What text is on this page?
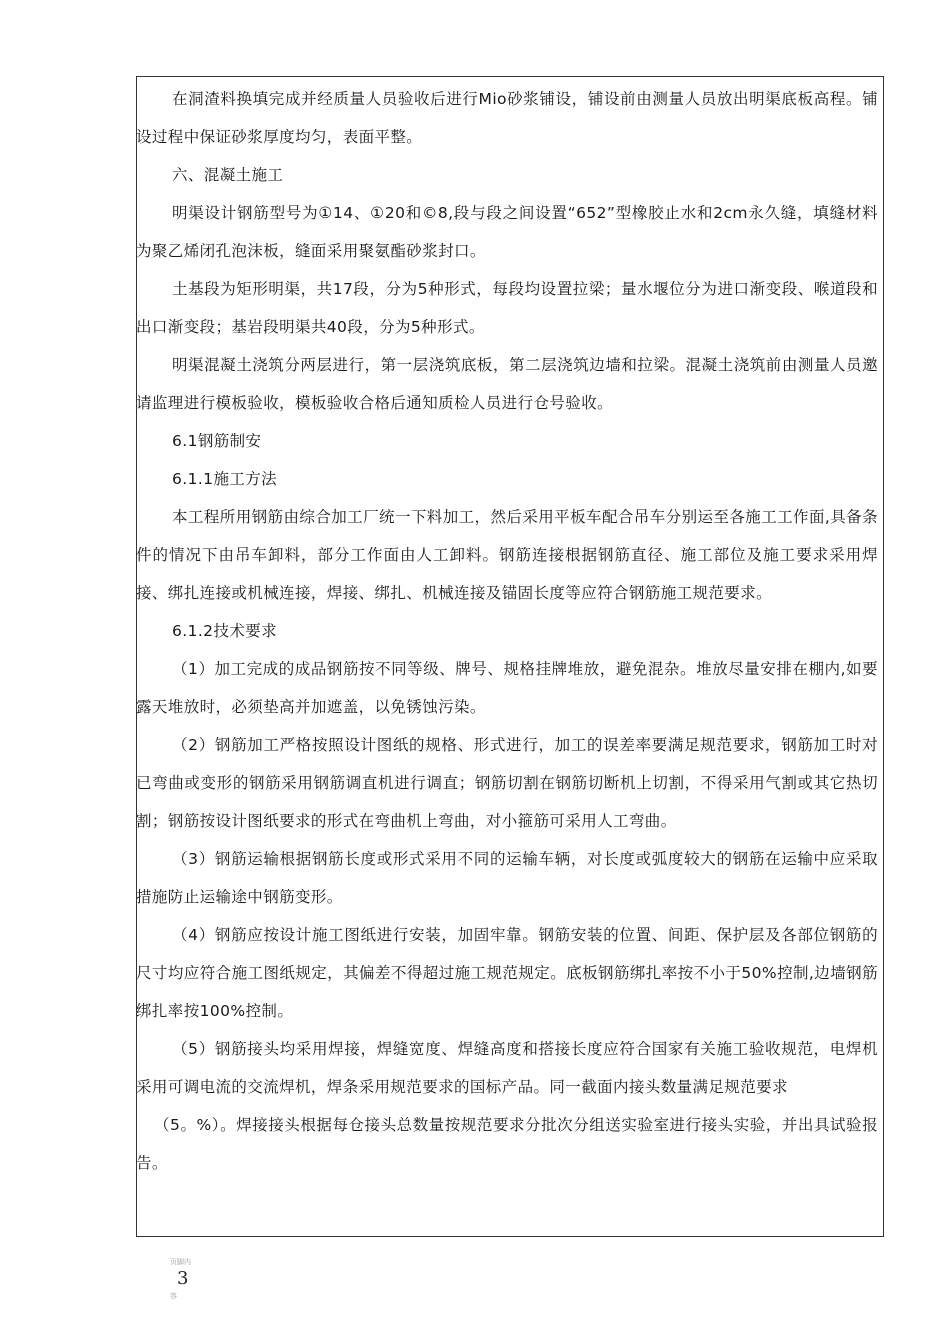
在洞渣料换填完成并经质量人员验收后进行Mio砂浆铺设，铺设前由测量人员放出明渠底板高程。铺设过程中保证砂浆厚度均匀，表面平整。

六、混凝土施工

明渠设计钢筋型号为①14、①20和©8,段与段之间设置“652”型橡胶止水和2cm永久缝，填缝材料为聚乙烯闭孔泡沫板，缝面采用聚氨酯砂浆封口。

土基段为矩形明渠，共17段，分为5种形式，每段均设置拉梁；量水堰位分为进口渐变段、喉道段和出口渐变段；基岩段明渠共40段，分为5种形式。

明渠混凝土浇筑分两层进行，第一层浇筑底板，第二层浇筑边墙和拉梁。混凝土浇筑前由测量人员邀请监理进行模板验收，模板验收合格后通知质检人员进行仓号验收。

6.1钢筋制安

6.1.1施工方法

本工程所用钢筋由综合加工厂统一下料加工，然后采用平板车配合吊车分别运至各施工工作面,具备条件的情况下由吊车卸料，部分工作面由人工卸料。钢筋连接根据钢筋直径、施工部位及施工要求采用焊接、绑扎连接或机械连接，焊接、绑扎、机械连接及锚固长度等应符合钢筋施工规范要求。

6.1.2技术要求

（1）加工完成的成品钢筋按不同等级、牌号、规格挂牌堆放，避免混杂。堆放尽量安排在棚内,如要露天堆放时，必须垫高并加遮盖，以免锈蚀污染。

（2）钢筋加工严格按照设计图纸的规格、形式进行，加工的误差率要满足规范要求，钢筋加工时对已弯曲或变形的钢筋采用钢筋调直机进行调直；钢筋切割在钢筋切断机上切割，不得采用气割或其它热切割；钢筋按设计图纸要求的形式在弯曲机上弯曲，对小箍筋可采用人工弯曲。

（3）钢筋运输根据钢筋长度或形式采用不同的运输车辆，对长度或弧度较大的钢筋在运输中应采取措施防止运输途中钢筋变形。

（4）钢筋应按设计施工图纸进行安装，加固牢靠。钢筋安装的位置、间距、保护层及各部位钢筋的尺寸均应符合施工图纸规定，其偏差不得超过施工规范规定。底板钢筋绑扎率按不小于50%控制,边墙钢筋绑扎率按100%控制。

（5）钢筋接头均采用焊接，焊缝宽度、焊缝高度和搭接长度应符合国家有关施工验收规范，电焊机采用可调电流的交流焊机，焊条采用规范要求的国标产品。同一截面内接头数量满足规范要求

（5。%）。焊接接头根据每仓接头总数量按规范要求分批次分组送实验室进行接头实验，并出具试验报告。

页脚内
3
容
